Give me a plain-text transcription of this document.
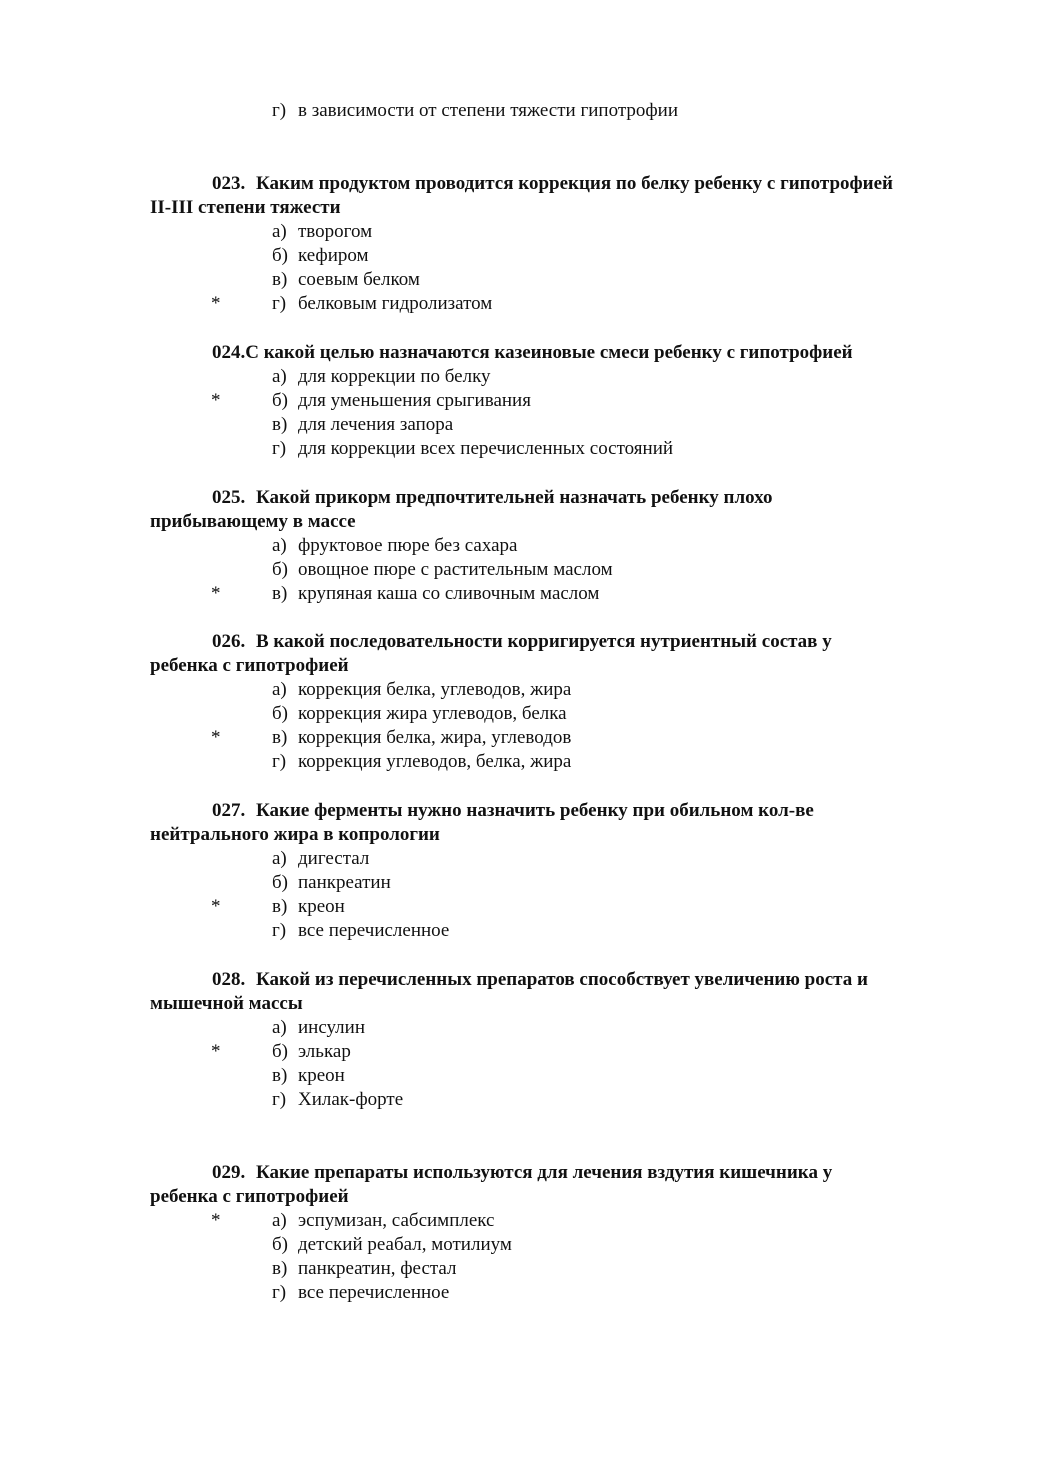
г) в зависимости от степени тяжести гипотрофии
023. Каким продуктом проводится коррекция по белку ребенку с гипотрофией
II-III степени тяжести
а) творогом
б) кефиром
в) соевым белком
*	г) белковым гидролизатом
024.С какой целью назначаются казеиновые смеси ребенку с гипотрофией
а) для коррекции по белку
*	б) для уменьшения срыгивания
в) для лечения запора
г) для коррекции всех перечисленных состояний
025. Какой прикорм предпочтительней назначать ребенку плохо
прибывающему в массе
а) фруктовое пюре без сахара
б) овощное пюре с растительным маслом
*	в) крупяная каша со сливочным маслом
026. В какой последовательности корригируется нутриентный состав у
ребенка с гипотрофией
а) коррекция белка, углеводов, жира
б) коррекция жира углеводов, белка
*	в) коррекция белка, жира, углеводов
г) коррекция углеводов, белка, жира
027. Какие ферменты нужно назначить ребенку при обильном кол-ве
нейтрального жира в копрологии
а) дигестал
б) панкреатин
*	в) креон
г) все перечисленное
028. Какой из перечисленных препаратов способствует увеличению роста и
мышечной массы
а) инсулин
*	б) элькар
в) креон
г) Хилак-форте
029. Какие препараты используются для лечения вздутия кишечника у
ребенка с гипотрофией
*	а) эспумизан, сабсимплекс
б) детский реабал, мотилиум
в) панкреатин, фестал
г) все перечисленное
